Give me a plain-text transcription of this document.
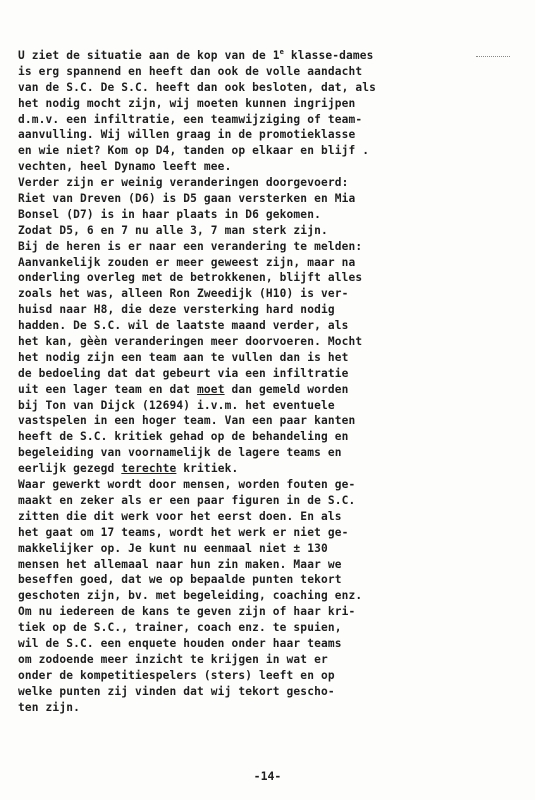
U ziet de situatie aan de kop van de 1e klasse-dames
is erg spannend en heeft dan ook de volle aandacht
van de S.C. De S.C. heeft dan ook besloten, dat, als
het nodig mocht zijn, wij moeten kunnen ingrijpen
d.m.v. een infiltratie, een teamwijziging of team-
aanvulling. Wij willen graag in de promotieklasse
en wie niet? Kom op D4, tanden op elkaar en blijf .
vechten, heel Dynamo leeft mee.
Verder zijn er weinig veranderingen doorgevoerd:
Riet van Dreven (D6) is D5 gaan versterken en Mia
Bonsel (D7) is in haar plaats in D6 gekomen.
Zodat D5, 6 en 7 nu alle 3, 7 man sterk zijn.
Bij de heren is er naar een verandering te melden:
Aanvankelijk zouden er meer geweest zijn, maar na
onderling overleg met de betrokkenen, blijft alles
zoals het was, alleen Ron Zweedijk (H10) is ver-
huisd naar H8, die deze versterking hard nodig
hadden. De S.C. wil de laatste maand verder, als
het kan, gèèn veranderingen meer doorvoeren. Mocht
het nodig zijn een team aan te vullen dan is het
de bedoeling dat dat gebeurt via een infiltratie
uit een lager team en dat moet dan gemeld worden
bij Ton van Dijck (12694) i.v.m. het eventuele
vastspelen in een hoger team. Van een paar kanten
heeft de S.C. kritiek gehad op de behandeling en
begeleiding van voornamelijk de lagere teams en
eerlijk gezegd terechte kritiek.
Waar gewerkt wordt door mensen, worden fouten ge-
maakt en zeker als er een paar figuren in de S.C.
zitten die dit werk voor het eerst doen. En als
het gaat om 17 teams, wordt het werk er niet ge-
makkelijker op. Je kunt nu eenmaal niet ± 130
mensen het allemaal naar hun zin maken. Maar we
beseffen goed, dat we op bepaalde punten tekort
geschoten zijn, bv. met begeleiding, coaching enz.
Om nu iedereen de kans te geven zijn of haar kri-
tiek op de S.C., trainer, coach enz. te spuien,
wil de S.C. een enquete houden onder haar teams
om zodoende meer inzicht te krijgen in wat er
onder de kompetitiespelers (sters) leeft en op
welke punten zij vinden dat wij tekort gescho-
ten zijn.
-14-
